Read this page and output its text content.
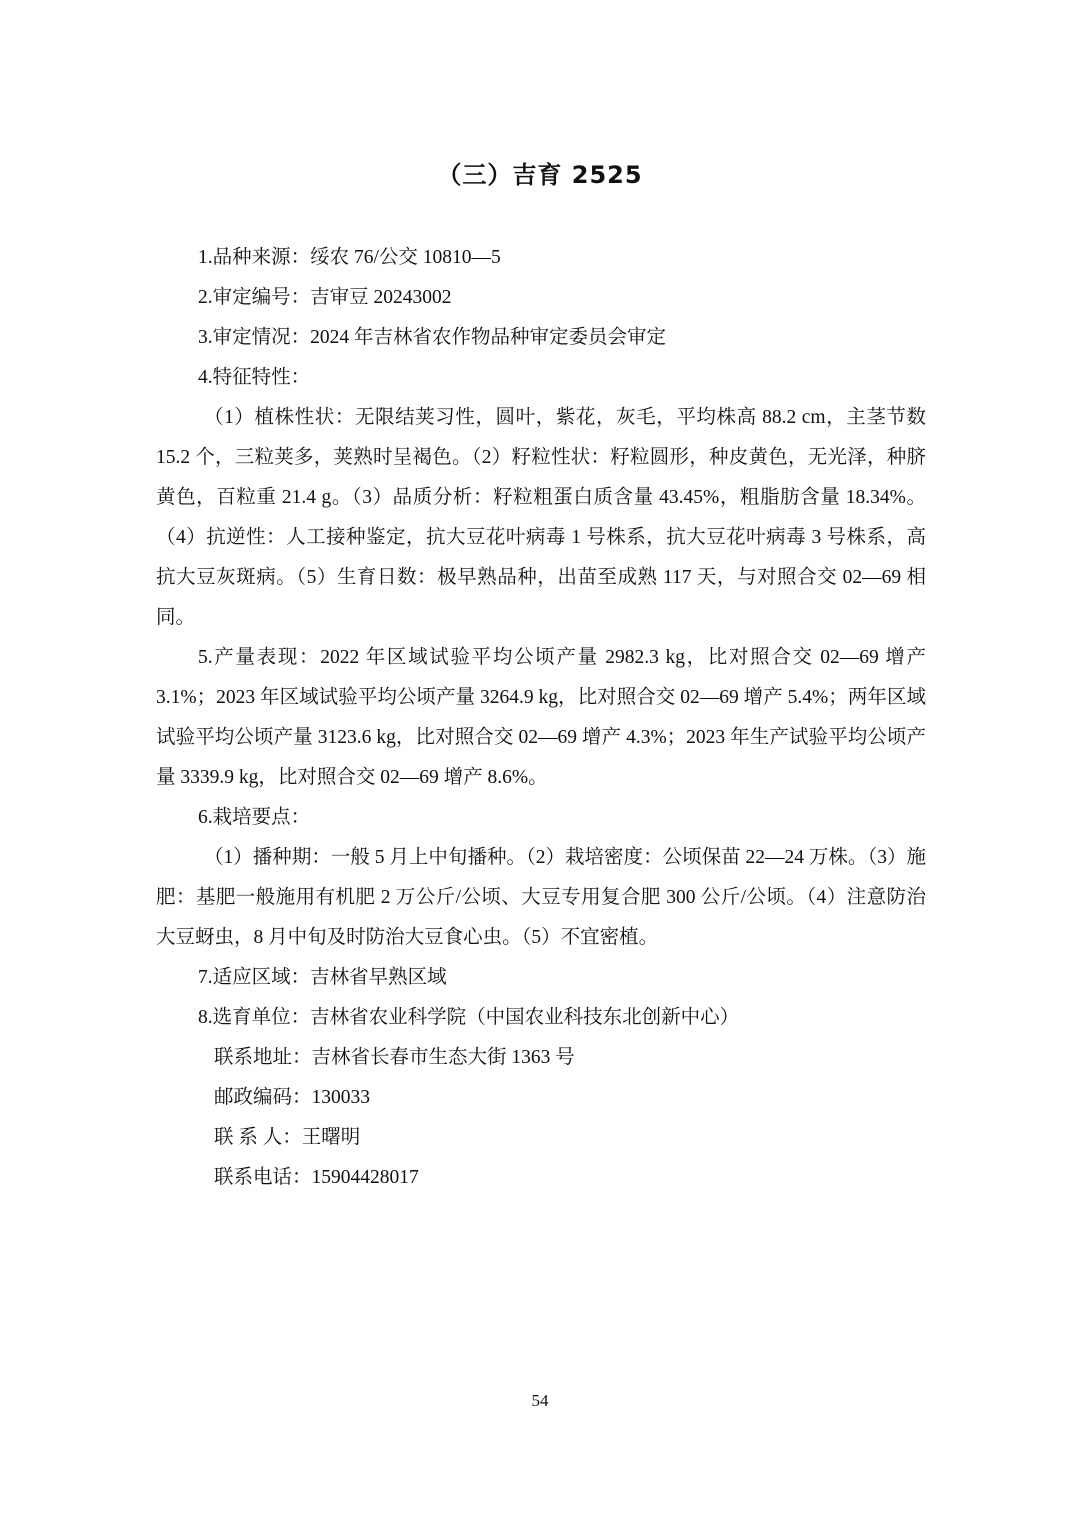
（三）吉育 2525
1.品种来源：绥农 76/公交 10810—5
2.审定编号：吉审豆 20243002
3.审定情况：2024 年吉林省农作物品种审定委员会审定
4.特征特性：
（1）植株性状：无限结荚习性，圆叶，紫花，灰毛，平均株高 88.2 cm，主茎节数 15.2 个，三粒荚多，荚熟时呈褐色。（2）籽粒性状：籽粒圆形，种皮黄色，无光泽，种脐黄色，百粒重 21.4 g。（3）品质分析：籽粒粗蛋白质含量 43.45%，粗脂肪含量 18.34%。（4）抗逆性：人工接种鉴定，抗大豆花叶病毒 1 号株系，抗大豆花叶病毒 3 号株系，高抗大豆灰斑病。（5）生育日数：极早熟品种，出苗至成熟 117 天，与对照合交 02—69 相同。
5.产量表现：2022 年区域试验平均公顷产量 2982.3 kg，比对照合交 02—69 增产 3.1%；2023 年区域试验平均公顷产量 3264.9 kg，比对照合交 02—69 增产 5.4%；两年区域试验平均公顷产量 3123.6 kg，比对照合交 02—69 增产 4.3%；2023 年生产试验平均公顷产量 3339.9 kg，比对照合交 02—69 增产 8.6%。
6.栽培要点：
（1）播种期：一般 5 月上中旬播种。（2）栽培密度：公顷保苗 22—24 万株。（3）施肥：基肥一般施用有机肥 2 万公斤/公顷、大豆专用复合肥 300 公斤/公顷。（4）注意防治大豆蚜虫，8 月中旬及时防治大豆食心虫。（5）不宜密植。
7.适应区域：吉林省早熟区域
8.选育单位：吉林省农业科学院（中国农业科技东北创新中心）
联系地址：吉林省长春市生态大街 1363 号
邮政编码：130033
联 系 人：王曙明
联系电话：15904428017
54
